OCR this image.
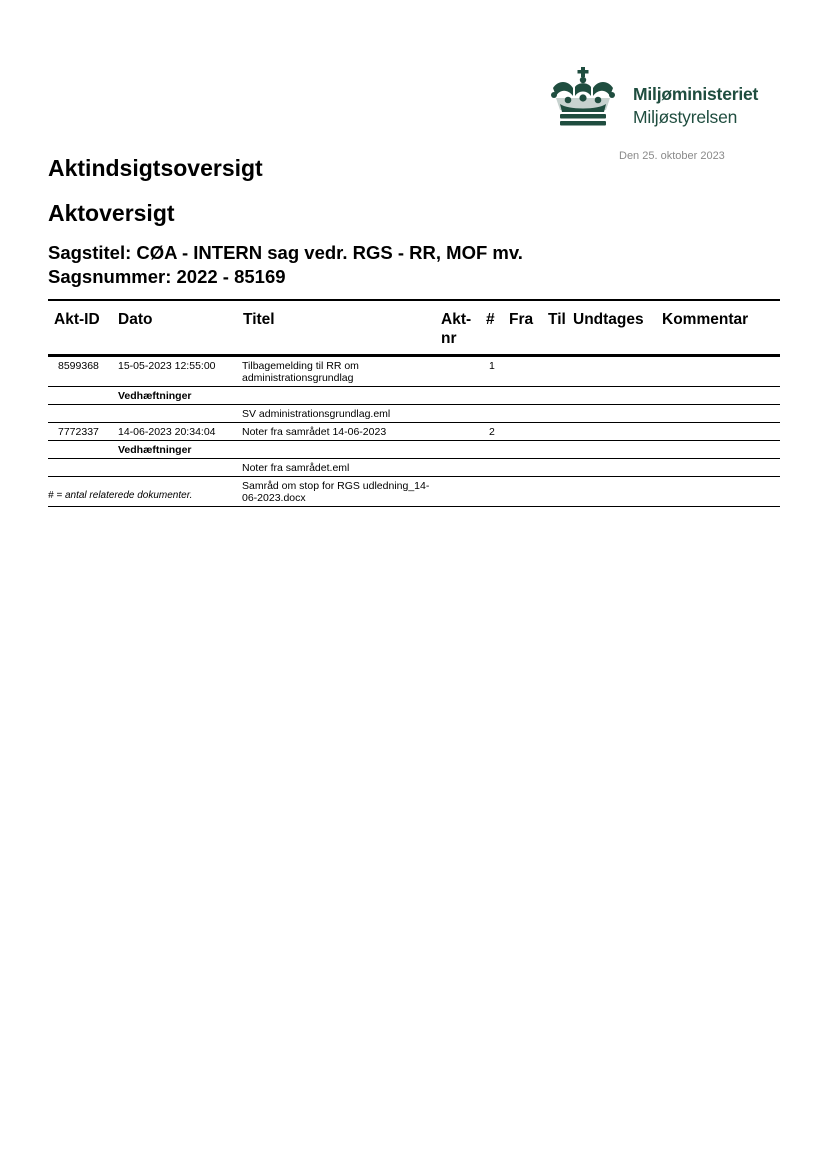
Miljøministeriet
Miljøstyrelsen
Den 25. oktober 2023
Aktindsigtsoversigt
Aktoversigt
Sagstitel: CØA - INTERN sag vedr. RGS - RR, MOF mv.
Sagsnummer: 2022 - 85169
Akt-ID	Dato	Titel	Akt-
nr	#	Fra	Til	Undtages	Kommentar
8599368	15-05-2023 12:55:00	Tilbagemelding til RR om administrationsgrundlag		1				
	Vedhæftninger							
		SV administrationsgrundlag.eml						
7772337	14-06-2023 20:34:04	Noter fra samrådet 14-06-2023		2				
	Vedhæftninger							
		Noter fra samrådet.eml						
		Samråd om stop for RGS udledning_14-06-2023.docx						
# = antal relaterede dokumenter.
